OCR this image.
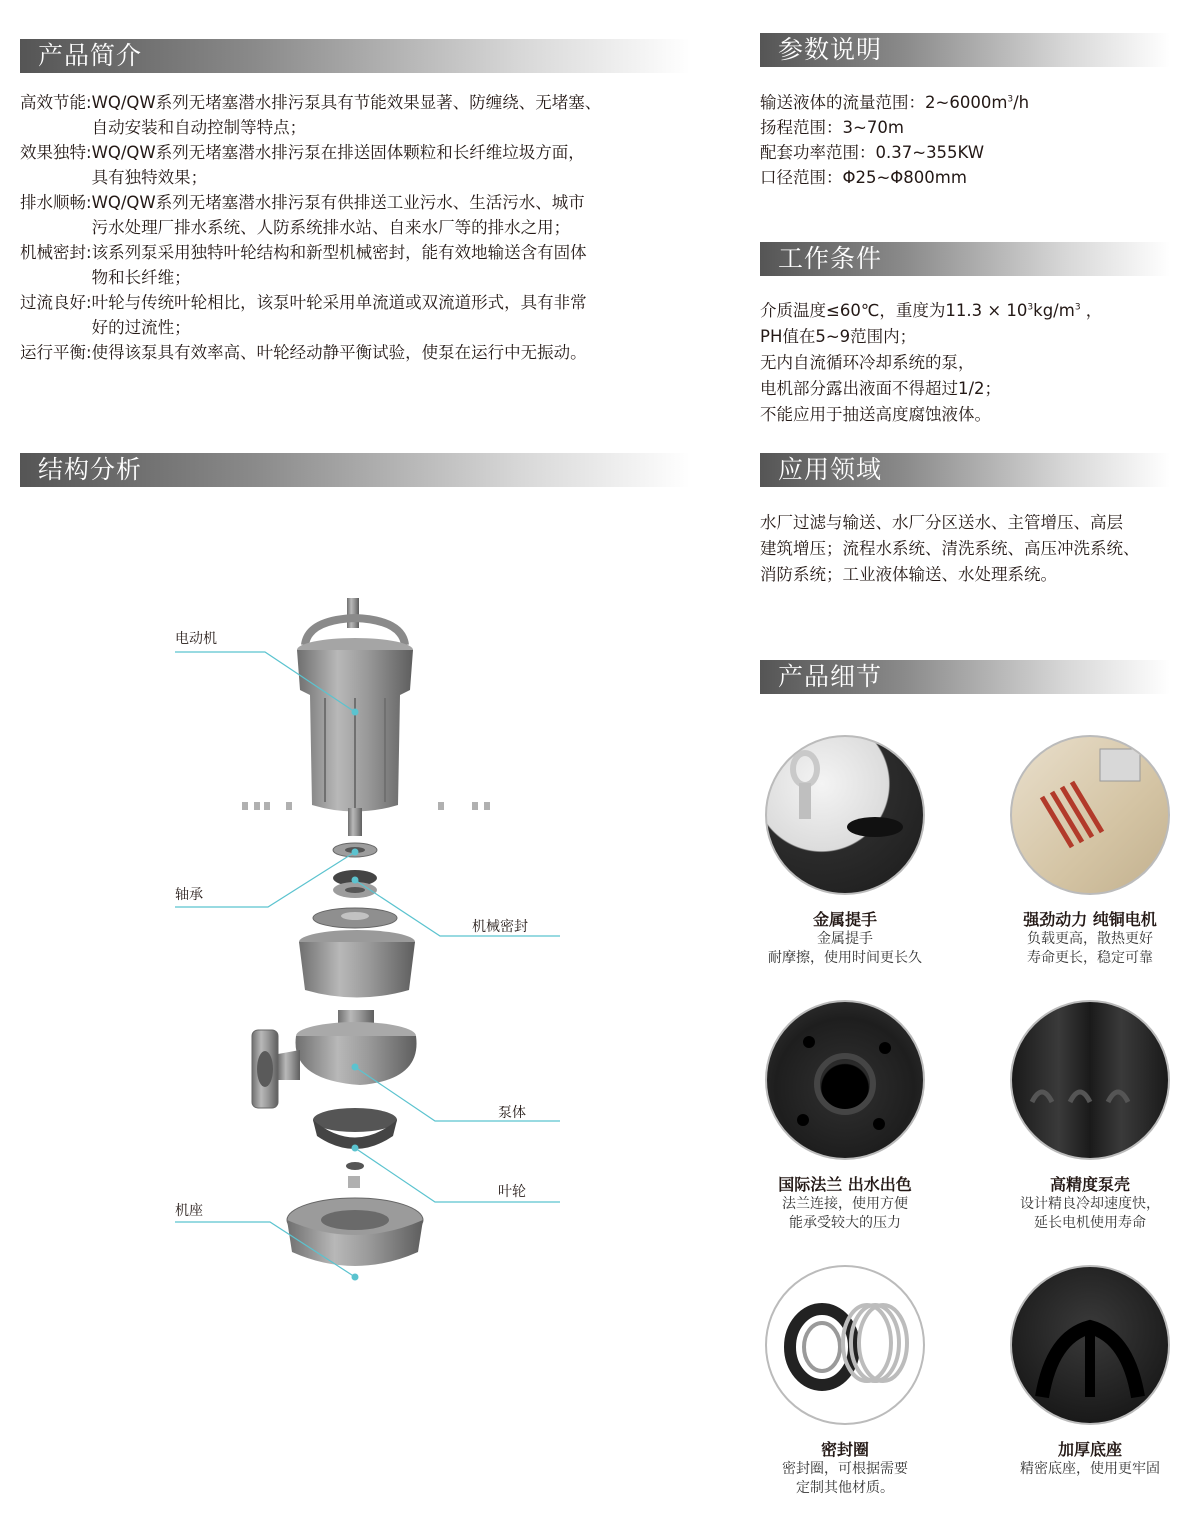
产品简介	参数说明
工作条件
结构分析	应用领域
产品细节
高效节能: WQ/QW系列无堵塞潜水排污泵具有节能效果显著、防缠绕、无堵塞、
自动安装和自动控制等特点；
效果独特: WQ/QW系列无堵塞潜水排污泵在排送固体颗粒和长纤维垃圾方面，
具有独特效果；
排水顺畅: WQ/QW系列无堵塞潜水排污泵有供排送工业污水、生活污水、城市
污水处理厂排水系统、人防系统排水站、自来水厂等的排水之用；
机械密封: 该系列泵采用独特叶轮结构和新型机械密封，能有效地输送含有固体
物和长纤维；
过流良好: 叶轮与传统叶轮相比，该泵叶轮采用单流道或双流道形式，具有非常
好的过流性；
运行平衡: 使得该泵具有效率高、叶轮经动静平衡试验，使泵在运行中无振动。
输送液体的流量范围：$2\sim 6000m^3/h$
扬程范围：3~70m
配套功率范围：0.37~355KW
口径范围：Φ25~Φ800mm
介质温度≤60℃，重度为$11.3 \times 10^3kg/m^3$ ，
PH值在5~9范围内；
无内自流循环冷却系统的泵，
电机部分露出液面不得超过1/2；
不能应用于抽送高度腐蚀液体。
水厂过滤与输送、水厂分区送水、主管增压、高层
建筑增压；流程水系统、清洗系统、高压冲洗系统、
消防系统；工业液体输送、水处理系统。
电动机
轴承
机械密封
泵体
叶轮
机座
金属提手
金属提手
耐摩擦，使用时间更长久
强劲动力 纯铜电机
负载更高，散热更好
寿命更长，稳定可靠
国际法兰 出水出色
法兰连接，使用方便
能承受较大的压力
高精度泵壳
设计精良冷却速度快，
延长电机使用寿命
密封圈
密封圈，可根据需要
定制其他材质。
加厚底座
精密底座，使用更牢固
